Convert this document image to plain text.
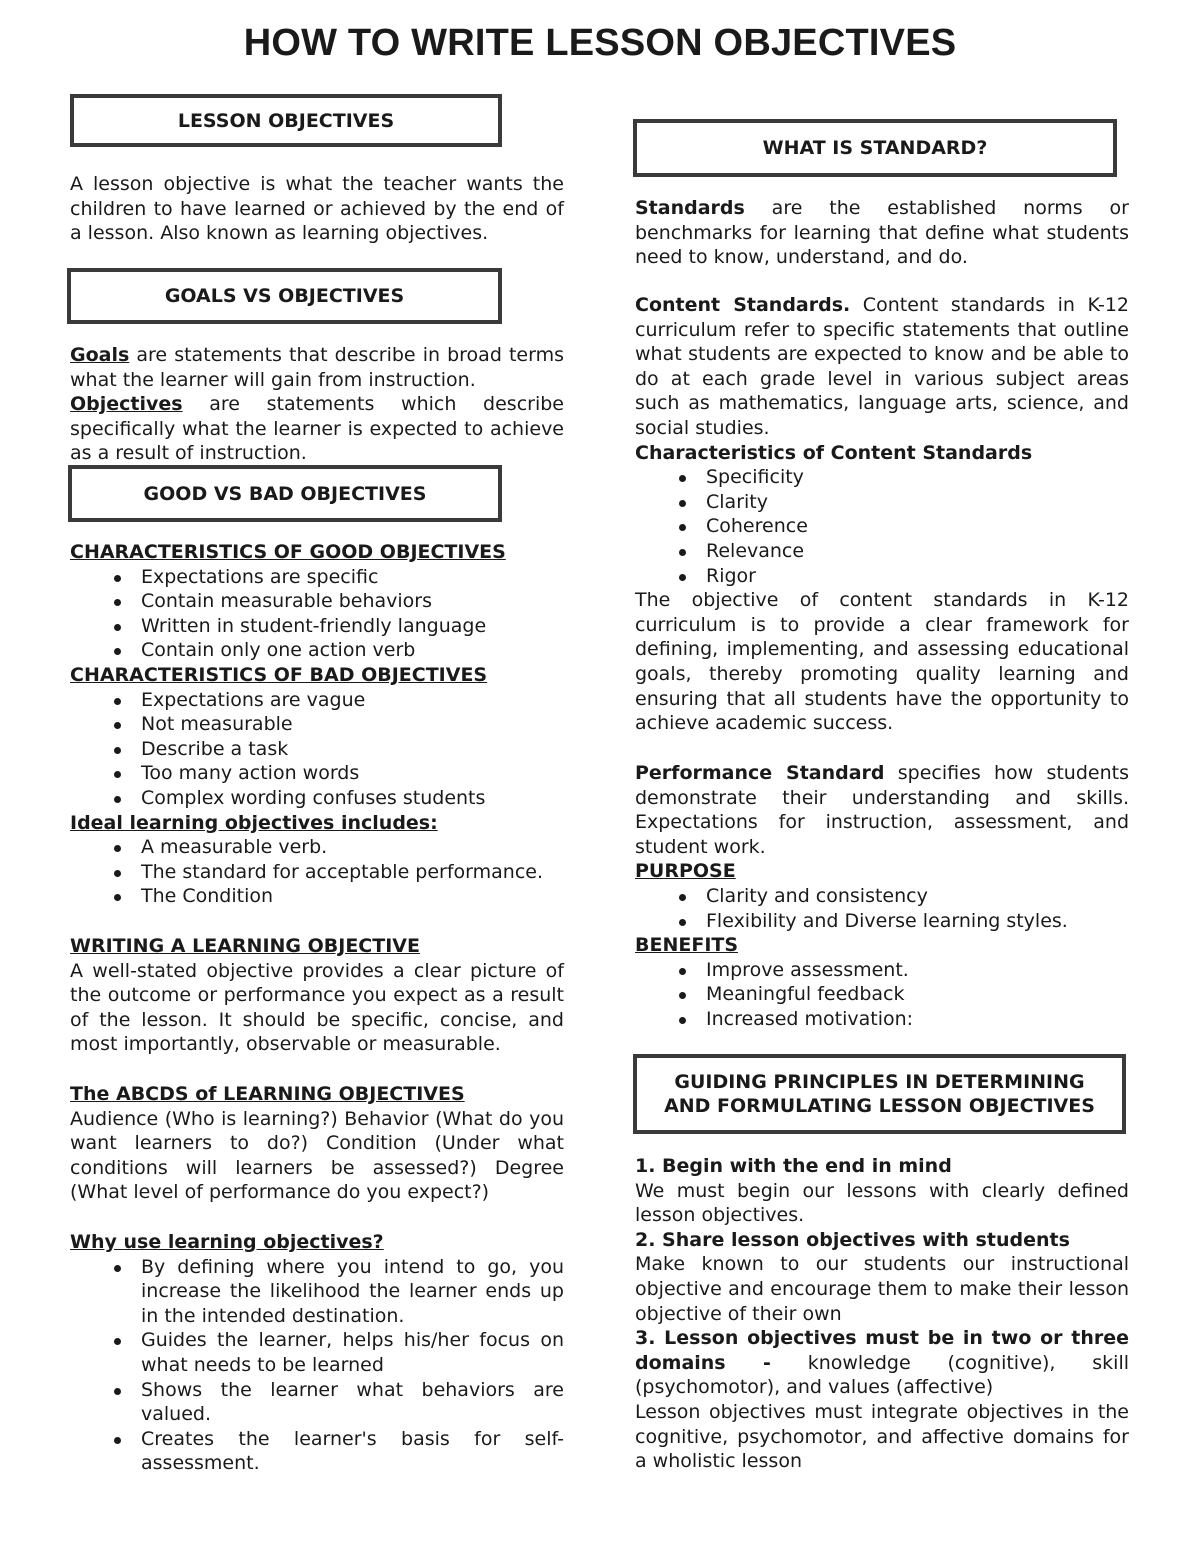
HOW TO WRITE LESSON OBJECTIVES
LESSON OBJECTIVES

A lesson objective is what the teacher wants the children to have learned or achieved by the end of a lesson. Also known as learning objectives.

GOALS VS OBJECTIVES

Goals are statements that describe in broad terms what the learner will gain from instruction.

Objectives are statements which describe specifically what the learner is expected to achieve as a result of instruction.

GOOD VS BAD OBJECTIVES

CHARACTERISTICS OF GOOD OBJECTIVES

Expectations are specific
Contain measurable behaviors
Written in student-friendly language
Contain only one action verb

CHARACTERISTICS OF BAD OBJECTIVES

Expectations are vague
Not measurable
Describe a task
Too many action words
Complex wording confuses students

Ideal learning objectives includes:

A measurable verb.
The standard for acceptable performance.
The Condition

WRITING A LEARNING OBJECTIVE

A well-stated objective provides a clear picture of the outcome or performance you expect as a result of the lesson. It should be specific, concise, and most importantly, observable or measurable.

The ABCDS of LEARNING OBJECTIVES

Audience (Who is learning?) Behavior (What do you want learners to do?) Condition (Under what conditions will learners be assessed?) Degree (What level of performance do you expect?)

Why use learning objectives?

By defining where you intend to go, you increase the likelihood the learner ends up in the intended destination.
Guides the learner, helps his/her focus on what needs to be learned
Shows the learner what behaviors are valued.
Creates the learner's basis for self-assessment.
WHAT IS STANDARD?

Standards are the established norms or benchmarks for learning that define what students need to know, understand, and do.

Content Standards. Content standards in K-12 curriculum refer to specific statements that outline what students are expected to know and be able to do at each grade level in various subject areas such as mathematics, language arts, science, and social studies.

Characteristics of Content Standards

Specificity
Clarity
Coherence
Relevance
Rigor

The objective of content standards in K-12 curriculum is to provide a clear framework for defining, implementing, and assessing educational goals, thereby promoting quality learning and ensuring that all students have the opportunity to achieve academic success.

Performance Standard specifies how students demonstrate their understanding and skills. Expectations for instruction, assessment, and student work.

PURPOSE

Clarity and consistency
Flexibility and Diverse learning styles.

BENEFITS

Improve assessment.
Meaningful feedback
Increased motivation:
GUIDING PRINCIPLES IN DETERMINING AND FORMULATING LESSON OBJECTIVES

1. Begin with the end in mind

We must begin our lessons with clearly defined lesson objectives.

2. Share lesson objectives with students

Make known to our students our instructional objective and encourage them to make their lesson objective of their own

3. Lesson objectives must be in two or three domains - knowledge (cognitive), skill (psychomotor), and values (affective)

Lesson objectives must integrate objectives in the cognitive, psychomotor, and affective domains for a wholistic lesson
